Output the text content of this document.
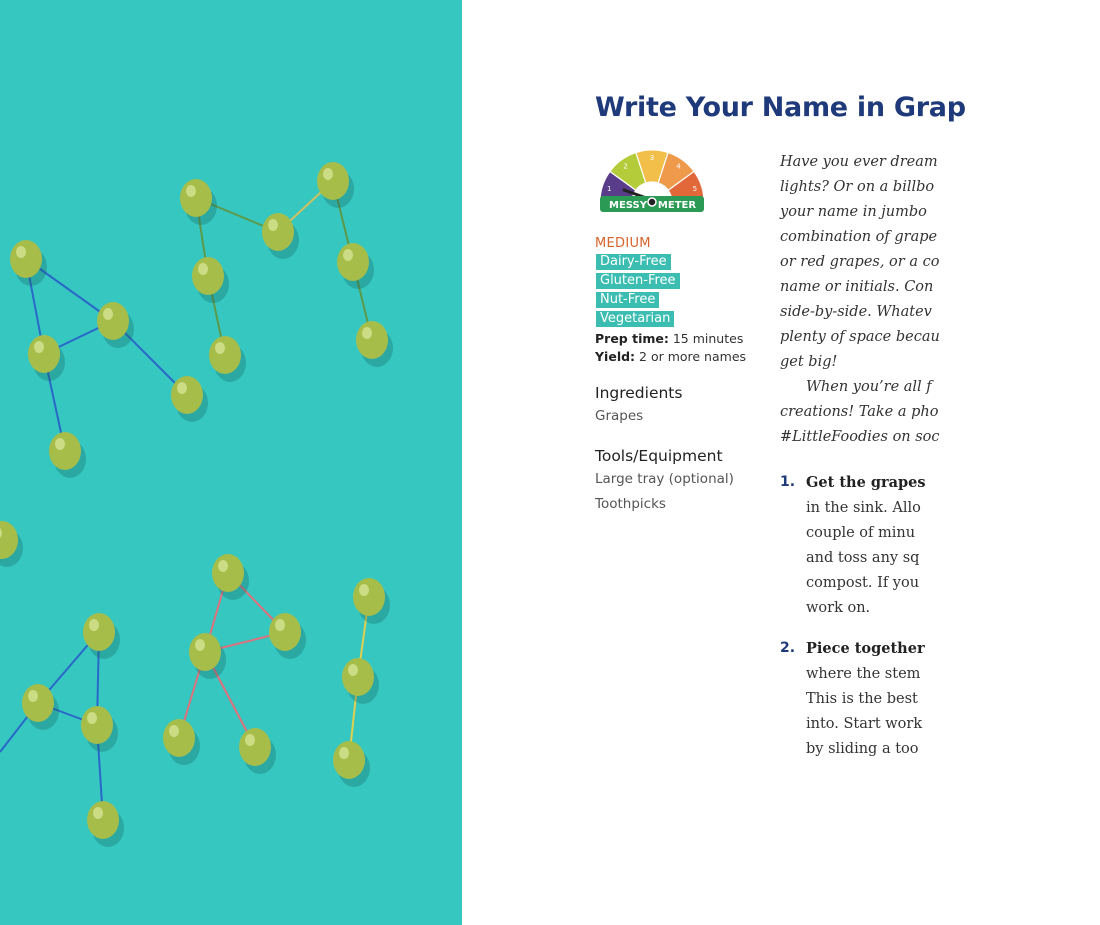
Write Your Name in Grap
1
2
3
4
5
MESSY METER
MEDIUM
Dairy-Free
Gluten-Free
Nut-Free
Vegetarian
Prep time: 15 minutes
Yield: 2 or more names
Ingredients
Grapes
Tools/Equipment
Large tray (optional)
Toothpicks

Have you ever dream

lights? Or on a billbo

your name in jumbo

combination of grape

or red grapes, or a co

name or initials. Con

side-by-side. Whatev

plenty of space becau

get big!

When you’re all f

creations! Take a pho

#LittleFoodies on soc

1. Get the grapes
in the sink. Allo
couple of minu
and toss any sq
compost. If you
work on.
2. Piece together
where the stem
This is the best
into. Start work
by sliding a too
